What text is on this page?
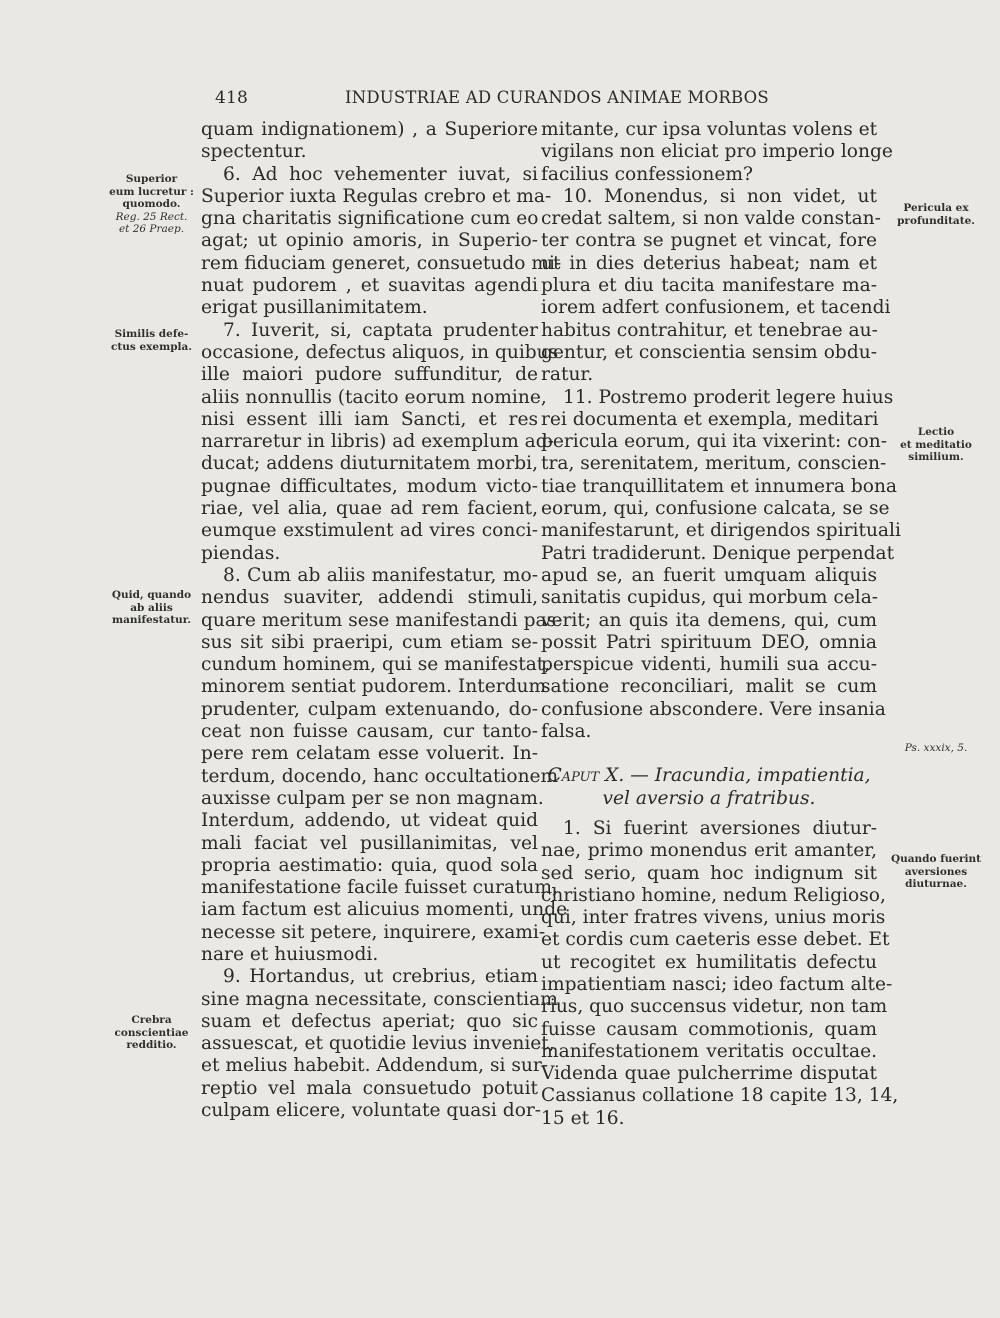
418	INDUSTRIAE AD CURANDOS ANIMAE MORBOS
Superior
eum lucretur :
quomodo.
Reg. 25 Rect.
et 26 Praep.
Similis defe-
ctus exempla.
Quid, quando
ab aliis
manifestatur.
Crebra
conscientiae
redditio.
Pericula ex
profunditate.
Lectio
et meditatio
similium.
Ps. xxxix, 5.
Quando fuerint
aversiones
diuturnae.
quam indignationem) , a Superiore
spectentur.
6. Ad hoc vehementer iuvat, si
Superior iuxta Regulas crebro et ma-
gna charitatis significatione cum eo
agat; ut opinio amoris, in Superio-
rem fiduciam generet, consuetudo mi-
nuat pudorem , et suavitas agendi
erigat pusillanimitatem.
7. Iuverit, si, captata prudenter
occasione, defectus aliquos, in quibus
ille maiori pudore suffunditur, de
aliis nonnullis (tacito eorum nomine,
nisi essent illi iam Sancti, et res
narraretur in libris) ad exemplum ad-
ducat; addens diuturnitatem morbi,
pugnae difficultates, modum victo-
riae, vel alia, quae ad rem facient,
eumque exstimulent ad vires conci-
piendas.
8. Cum ab aliis manifestatur, mo-
nendus suaviter, addendi stimuli,
quare meritum sese manifestandi pas-
sus sit sibi praeripi, cum etiam se-
cundum hominem, qui se manifestat,
minorem sentiat pudorem. Interdum
prudenter, culpam extenuando, do-
ceat non fuisse causam, cur tanto-
pere rem celatam esse voluerit. In-
terdum, docendo, hanc occultationem
auxisse culpam per se non magnam.
Interdum, addendo, ut videat quid
mali faciat vel pusillanimitas, vel
propria aestimatio: quia, quod sola
manifestatione facile fuisset curatum,
iam factum est alicuius momenti, unde
necesse sit petere, inquirere, exami-
nare et huiusmodi.
9. Hortandus, ut crebrius, etiam
sine magna necessitate, conscientiam
suam et defectus aperiat; quo sic
assuescat, et quotidie levius inveniet,
et melius habebit. Addendum, si sur-
reptio vel mala consuetudo potuit
culpam elicere, voluntate quasi dor-
mitante, cur ipsa voluntas volens et
vigilans non eliciat pro imperio longe
facilius confessionem?
10. Monendus, si non videt, ut
credat saltem, si non valde constan-
ter contra se pugnet et vincat, fore
ut in dies deterius habeat; nam et
plura et diu tacita manifestare ma-
iorem adfert confusionem, et tacendi
habitus contrahitur, et tenebrae au-
gentur, et conscientia sensim obdu-
ratur.
11. Postremo proderit legere huius
rei documenta et exempla, meditari
pericula eorum, qui ita vixerint: con-
tra, serenitatem, meritum, conscien-
tiae tranquillitatem et innumera bona
eorum, qui, confusione calcata, se se
manifestarunt, et dirigendos spirituali
Patri tradiderunt. Denique perpendat
apud se, an fuerit umquam aliquis
sanitatis cupidus, qui morbum cela-
verit; an quis ita demens, qui, cum
possit Patri spirituum DEO, omnia
perspicue videnti, humili sua accu-
satione reconciliari, malit se cum
confusione abscondere. Vere insania
falsa.
Caput X. — Iracundia, impatientia,
vel aversio a fratribus.
1. Si fuerint aversiones diutur-
nae, primo monendus erit amanter,
sed serio, quam hoc indignum sit
christiano homine, nedum Religioso,
qui, inter fratres vivens, unius moris
et cordis cum caeteris esse debet. Et
ut recogitet ex humilitatis defectu
impatientiam nasci; ideo factum alte-
rius, quo succensus videtur, non tam
fuisse causam commotionis, quam
manifestationem veritatis occultae.
Videnda quae pulcherrime disputat
Cassianus collatione 18 capite 13, 14,
15 et 16.
